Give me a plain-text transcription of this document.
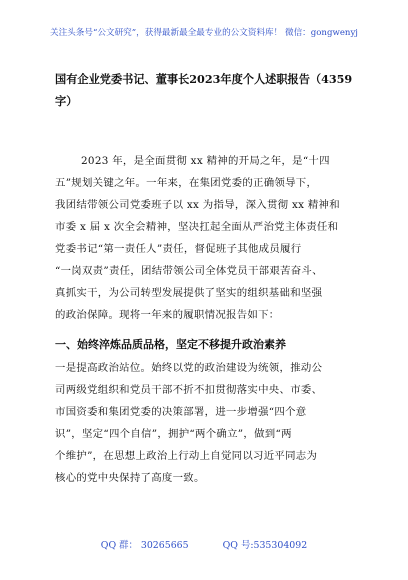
关注头条号“公文研究”，获得最新最全最专业的公文资料库！ 微信：gongwenyj
国有企业党委书记、董事长2023年度个人述职报告（4359
字）
2023 年，是全面贯彻 xx 精神的开局之年，是“十四
五”规划关键之年。一年来，在集团党委的正确领导下，
我团结带领公司党委班子以 xx 为指导，深入贯彻 xx 精神和
市委 x 届 x 次全会精神，坚决扛起全面从严治党主体责任和
党委书记“第一责任人”责任，督促班子其他成员履行
“一岗双责”责任，团结带领公司全体党员干部艰苦奋斗、
真抓实干，为公司转型发展提供了坚实的组织基础和坚强
的政治保障。现将一年来的履职情况报告如下：
一、始终淬炼品质品格，坚定不移提升政治素养
一是提高政治站位。始终以党的政治建设为统领，推动公
司两级党组织和党员干部不折不扣贯彻落实中央、市委、
市国资委和集团党委的决策部署，进一步增强“四个意
识”，坚定“四个自信”，拥护“两个确立”，做到“两
个维护”，在思想上政治上行动上自觉同以习近平同志为
核心的党中央保持了高度一致。
QQ 群： 30265665	QQ 号:535304092
